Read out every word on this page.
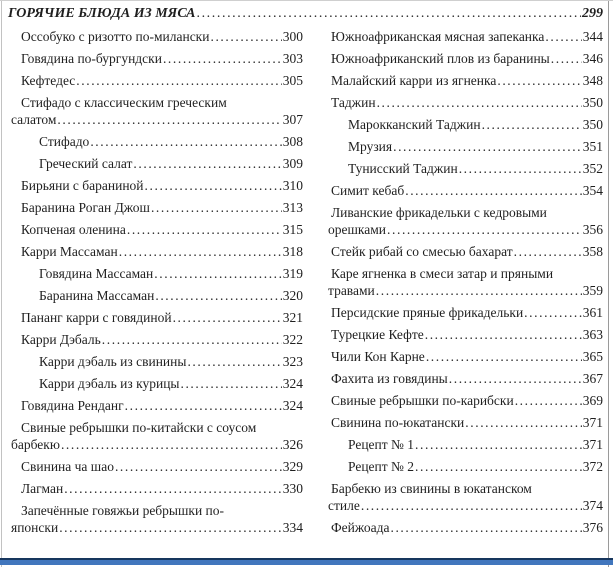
ГОРЯЧИЕ БЛЮДА ИЗ МЯСА .....	299
Оссобуко с ризотто по-милански .....	300
Говядина по-бургундски .....	303
Кефтедес .....	305
Стифадо с классическим греческим
салатом .....	307
Стифадо .....	308
Греческий салат .....	309
Бирьяни с бараниной .....	310
Баранина Роган Джош .....	313
Копченая оленина .....	315
Карри Массаман .....	318
Говядина Массаман .....	319
Баранина Массаман .....	320
Пананг карри с говядиной .....	321
Карри Дэбаль .....	322
Карри дэбаль из свинины .....	323
Карри дэбаль из курицы .....	324
Говядина Ренданг .....	324
Свиные ребрышки по-китайски с соусом
барбекю .....	326
Свинина ча шао .....	329
Лагман .....	330
Запечённые говяжьи ребрышки по-
японски .....	334
Южноафриканская мясная запеканка .....	344
Южноафриканский плов из баранины ..... 346
Малайский карри из ягненка .....	348
Таджин .....	350
Марокканский Таджин .....	350
Мрузия .....	351
Тунисский Таджин .....	352
Симит кебаб .....	354
Ливанские фрикадельки с кедровыми
орешками .....	356
Стейк рибай со смесью бахарат .....	358
Каре ягненка в смеси затар и пряными
травами .....	359
Персидские пряные фрикадельки .....	361
Турецкие Кефте .....	363
Чили Кон Карне .....	365
Фахита из говядины .....	367
Свиные ребрышки по-карибски .....	369
Свинина по-юкатански .....	371
Рецепт № 1 .....	371
Рецепт № 2 .....	372
Барбекю из свинины в юкатанском
стиле .....	374
Фейжоада .....	376
